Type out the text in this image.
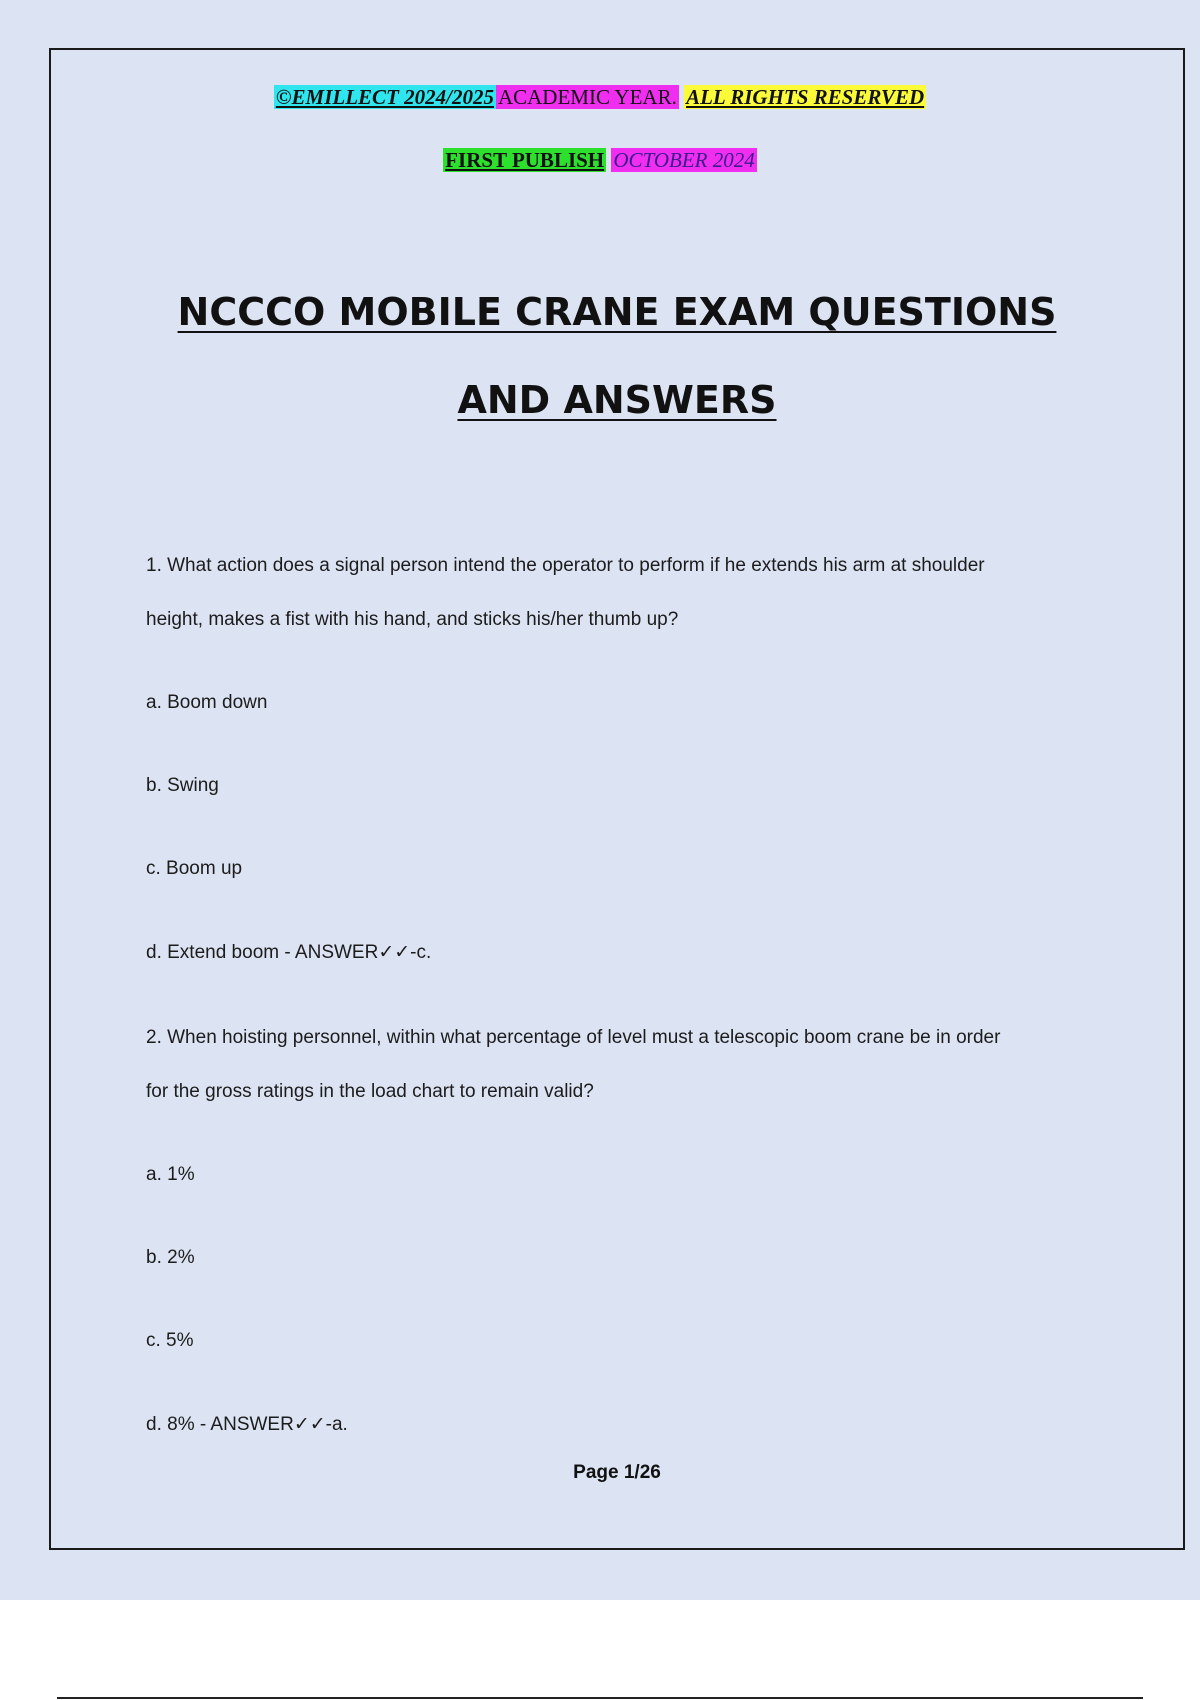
©EMILLECT 2024/2025 ACADEMIC YEAR. ALL RIGHTS RESERVED
FIRST PUBLISH OCTOBER 2024
NCCCO MOBILE CRANE EXAM QUESTIONS
AND ANSWERS
1. What action does a signal person intend the operator to perform if he extends his arm at shoulder
height, makes a fist with his hand, and sticks his/her thumb up?
a. Boom down
b. Swing
c. Boom up
d. Extend boom - ANSWER✓✓-c.
2. When hoisting personnel, within what percentage of level must a telescopic boom crane be in order
for the gross ratings in the load chart to remain valid?
a. 1%
b. 2%
c. 5%
d. 8% - ANSWER✓✓-a.
Page 1/26
